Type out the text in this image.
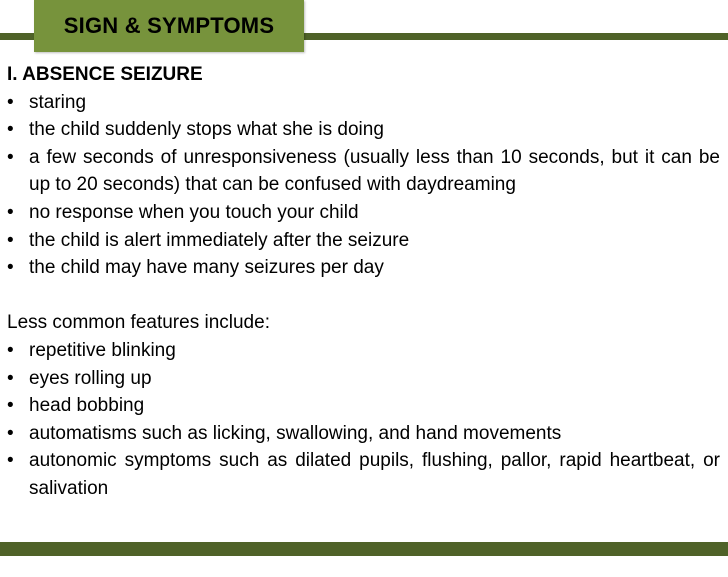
SIGN & SYMPTOMS

I. ABSENCE SEIZURE

• staring
• the child suddenly stops what she is doing
• a few seconds of unresponsiveness (usually less than 10 seconds, but it can be up to 20 seconds) that can be confused with daydreaming
• no response when you touch your child
• the child is alert immediately after the seizure
• the child may have many seizures per day

Less common features include:

• repetitive blinking
• eyes rolling up
• head bobbing
• automatisms such as licking, swallowing, and hand movements
• autonomic symptoms such as dilated pupils, flushing, pallor, rapid heartbeat, or salivation
